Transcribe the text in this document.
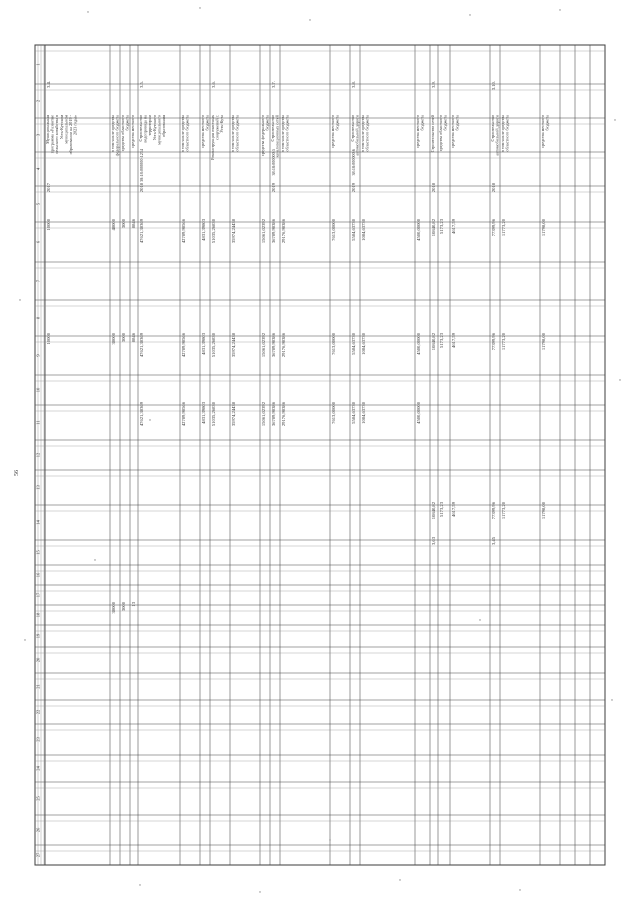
56
1
2
3
4
5
6
7
8
9
10
11
12
13
14
15
16
17
18
19
20
21
22
23
24
25
26
27
3.4.
Муниципальная программа «Развитие сельского хозяйства в Усть-Кутском муниципальном образовании на 2019 - 2023 годы»
2017
10000
10000
в том числе средства федерального бюджета
48000
38000
38000
средства областного бюджета
3000
3000
3000
средства местного
8846
8846
13
3.5.
Строительство водопровода на территории Усть-Кутского муниципального образования
38:18:000000:1234
2018
47621,38369
47621,38369
47621,38369
в том числе средства областного бюджета
42789,98566
42789,98566
42789,98566
средства местного бюджета
4831,39803
4831,39803
4831,39803
3.6.
Реконструкция очистных сооружений г. Усть-Кута
51035,26830
51035,26830
51035,26830
в том числе средства областного бюджета
35974,24438
35974,24438
35974,24438
средства федерального бюджета
15061,02392
15061,02392
15061,02392
3.7.
Строительство канализационных сетей
38:18:000000:5
2019
36789,98386
36789,98386
36789,98386
в том числе средства областного бюджета
29176,98386
29176,98386
29176,98386
средства местного бюджета
7613,00000
7613,00000
7613,00000
3.8.
Строительство автомобильной дороги
38:18:000000:6
2019
5584,63730
5584,63730
5584,63730
в том числе средства областного бюджета
1084,63730
1084,63730
1084,63730
средства местного бюджета
4500,00000
4500,00000
4500,00000
3.9.
Строительство сетей
2018
10840,82
10840,82
10840,82
3,63
средства областного бюджета
5173,23
5173,23
5173,23
средства местного бюджета
4617,59
4617,59
4617,59
3.10.
Строительство автомобильной дороги
2018
77399,96
77399,96
77399,96
3,45
в том числе средства областного бюджета
11773,20
11773,20
11773,20
средства местного бюджета
11798,00
11798,00
11798,00
